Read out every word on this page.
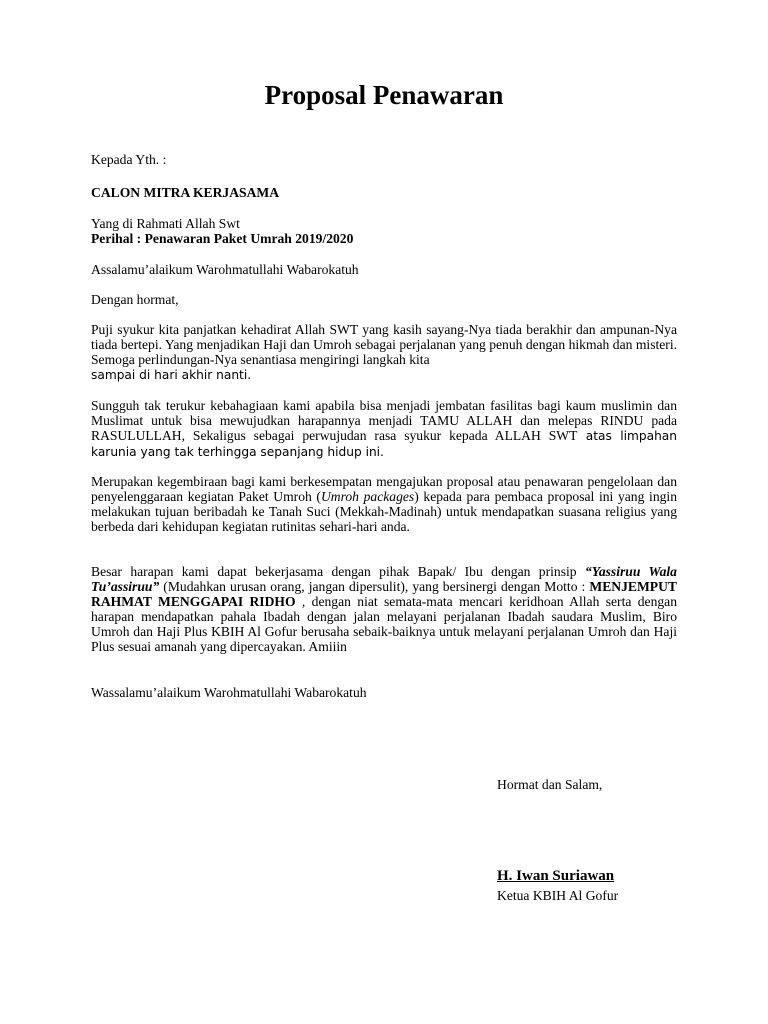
Proposal Penawaran
Kepada Yth. :
CALON MITRA KERJASAMA
Yang di Rahmati Allah Swt
Perihal : Penawaran Paket Umrah 2019/2020
Assalamu’alaikum Warohmatullahi Wabarokatuh
Dengan hormat,

Puji syukur kita panjatkan kehadirat Allah SWT yang kasih sayang-Nya tiada berakhir dan ampunan-Nya tiada bertepi. Yang menjadikan Haji dan Umroh sebagai perjalanan yang penuh dengan hikmah dan misteri. Semoga perlindungan-Nya senantiasa mengiringi langkah kita
sampai di hari akhir nanti.

Sungguh tak terukur kebahagiaan kami apabila bisa menjadi jembatan fasilitas bagi kaum muslimin dan Muslimat untuk bisa mewujudkan harapannya menjadi TAMU ALLAH dan melepas RINDU pada RASULULLAH, Sekaligus sebagai perwujudan rasa syukur kepada ALLAH SWT atas limpahan karunia yang tak terhingga sepanjang hidup ini.

Merupakan kegembiraan bagi kami berkesempatan mengajukan proposal atau penawaran pengelolaan dan penyelenggaraan kegiatan Paket Umroh (Umroh packages) kepada para pembaca proposal ini yang ingin melakukan tujuan beribadah ke Tanah Suci (Mekkah-Madinah) untuk mendapatkan suasana religius yang berbeda dari kehidupan kegiatan rutinitas sehari-hari anda.

Besar harapan kami dapat bekerjasama dengan pihak Bapak/ Ibu dengan prinsip “Yassiruu Wala Tu’assiruu” (Mudahkan urusan orang, jangan dipersulit), yang bersinergi dengan Motto : MENJEMPUT RAHMAT MENGGAPAI RIDHO , dengan niat semata-mata mencari keridhoan Allah serta dengan harapan mendapatkan pahala Ibadah dengan jalan melayani perjalanan Ibadah saudara Muslim, Biro Umroh dan Haji Plus KBIH Al Gofur berusaha sebaik-baiknya untuk melayani perjalanan Umroh dan Haji Plus sesuai amanah yang dipercayakan. Amiiin

Wassalamu’alaikum Warohmatullahi Wabarokatuh
Hormat dan Salam,
H. Iwan Suriawan
Ketua KBIH Al Gofur
